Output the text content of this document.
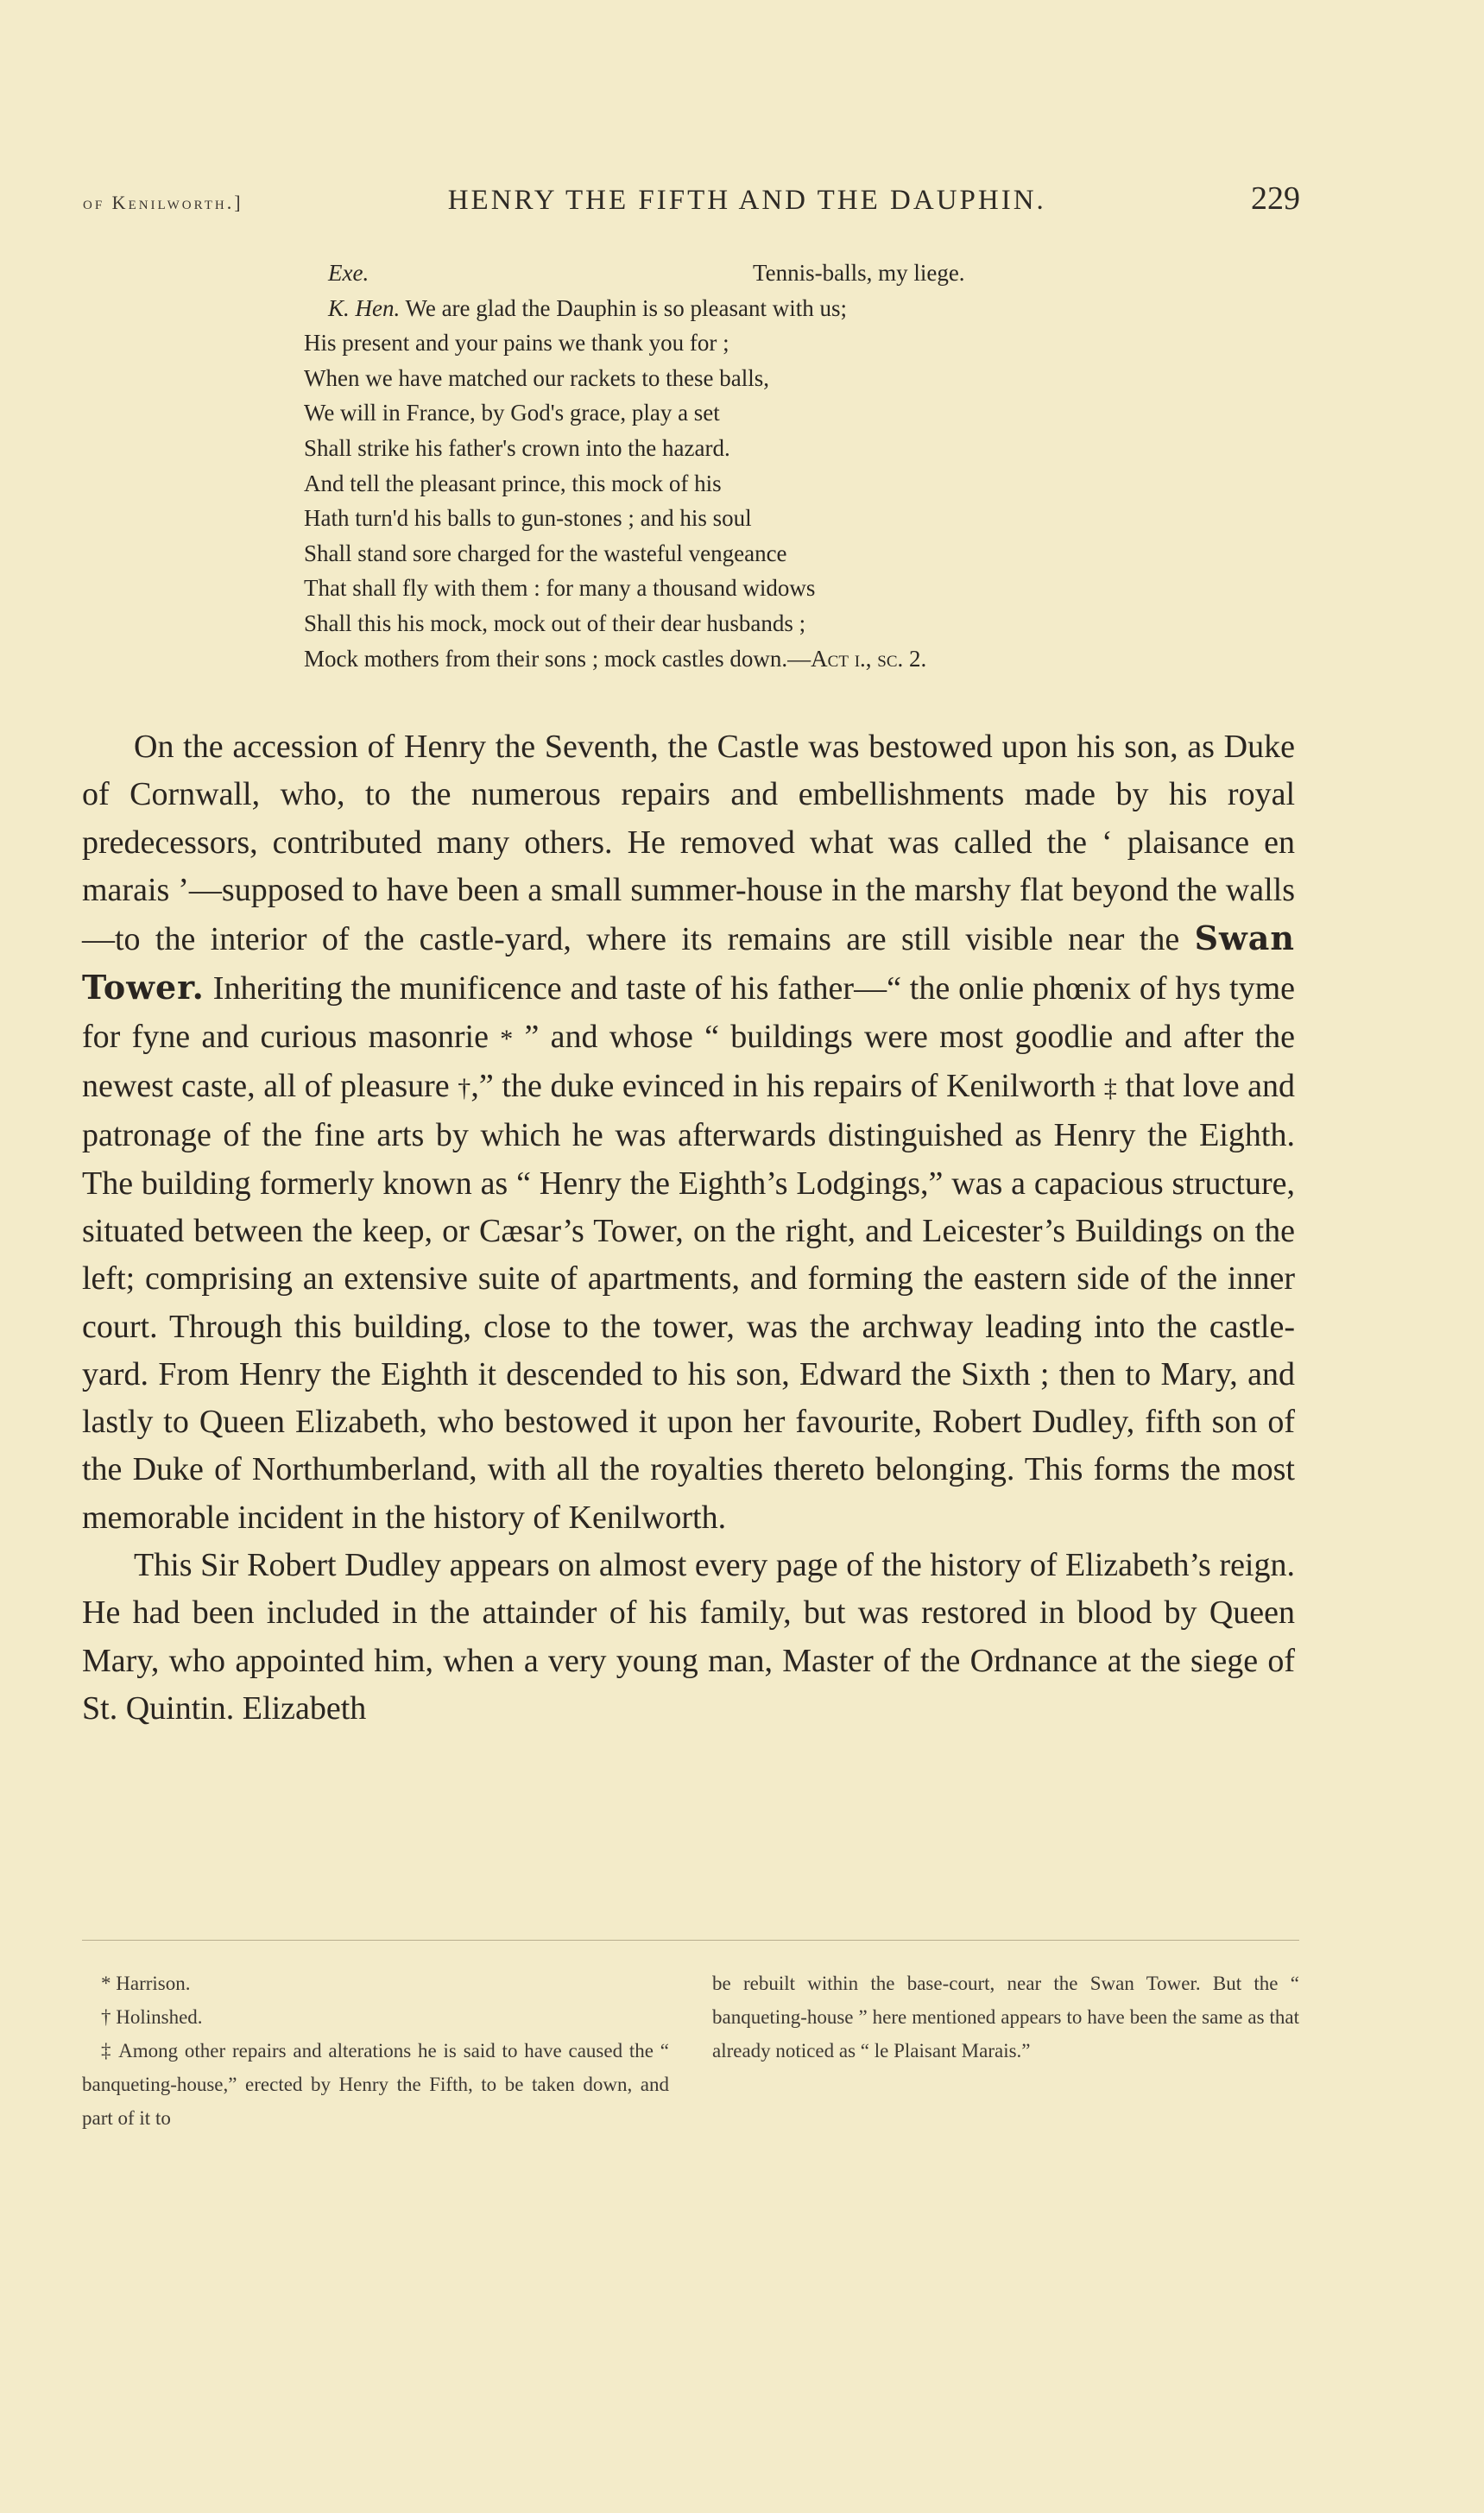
of Kenilworth.]	HENRY THE FIFTH AND THE DAUPHIN.	229
Exe.	Tennis-balls, my liege.
K. Hen. We are glad the Dauphin is so pleasant with us;
His present and your pains we thank you for ;
When we have matched our rackets to these balls,
We will in France, by God's grace, play a set
Shall strike his father's crown into the hazard.
And tell the pleasant prince, this mock of his
Hath turn'd his balls to gun-stones ; and his soul
Shall stand sore charged for the wasteful vengeance
That shall fly with them : for many a thousand widows
Shall this his mock, mock out of their dear husbands ;
Mock mothers from their sons ; mock castles down.—Act i., sc. 2.

On the accession of Henry the Seventh, the Castle was bestowed upon his son, as Duke of Cornwall, who, to the numerous repairs and embellishments made by his royal predecessors, contributed many others. He removed what was called the ‘ plaisance en marais ’—supposed to have been a small summer-house in the marshy flat beyond the walls—to the interior of the castle-yard, where its remains are still visible near the Swan Tower. Inheriting the munificence and taste of his father—“ the onlie phœnix of hys tyme for fyne and curious masonrie * ” and whose “ buildings were most goodlie and after the newest caste, all of pleasure †,” the duke evinced in his repairs of Kenilworth ‡ that love and patronage of the fine arts by which he was afterwards distinguished as Henry the Eighth. The building formerly known as “ Henry the Eighth’s Lodgings,” was a capacious structure, situated between the keep, or Cæsar’s Tower, on the right, and Leicester’s Buildings on the left; comprising an extensive suite of apartments, and forming the eastern side of the inner court. Through this building, close to the tower, was the archway leading into the castle-yard. From Henry the Eighth it descended to his son, Edward the Sixth ; then to Mary, and lastly to Queen Elizabeth, who bestowed it upon her favourite, Robert Dudley, fifth son of the Duke of Northumberland, with all the royalties thereto belonging. This forms the most memorable incident in the history of Kenilworth.

This Sir Robert Dudley appears on almost every page of the history of Elizabeth’s reign. He had been included in the attainder of his family, but was restored in blood by Queen Mary, who appointed him, when a very young man, Master of the Ordnance at the siege of St. Quintin. Elizabeth

* Harrison.

† Holinshed.

‡ Among other repairs and alterations he is said to have caused the “ banqueting-house,” erected by Henry the Fifth, to be taken down, and part of it to

be rebuilt within the base-court, near the Swan Tower. But the “ banqueting-house ” here mentioned appears to have been the same as that already noticed as “ le Plaisant Marais.”
